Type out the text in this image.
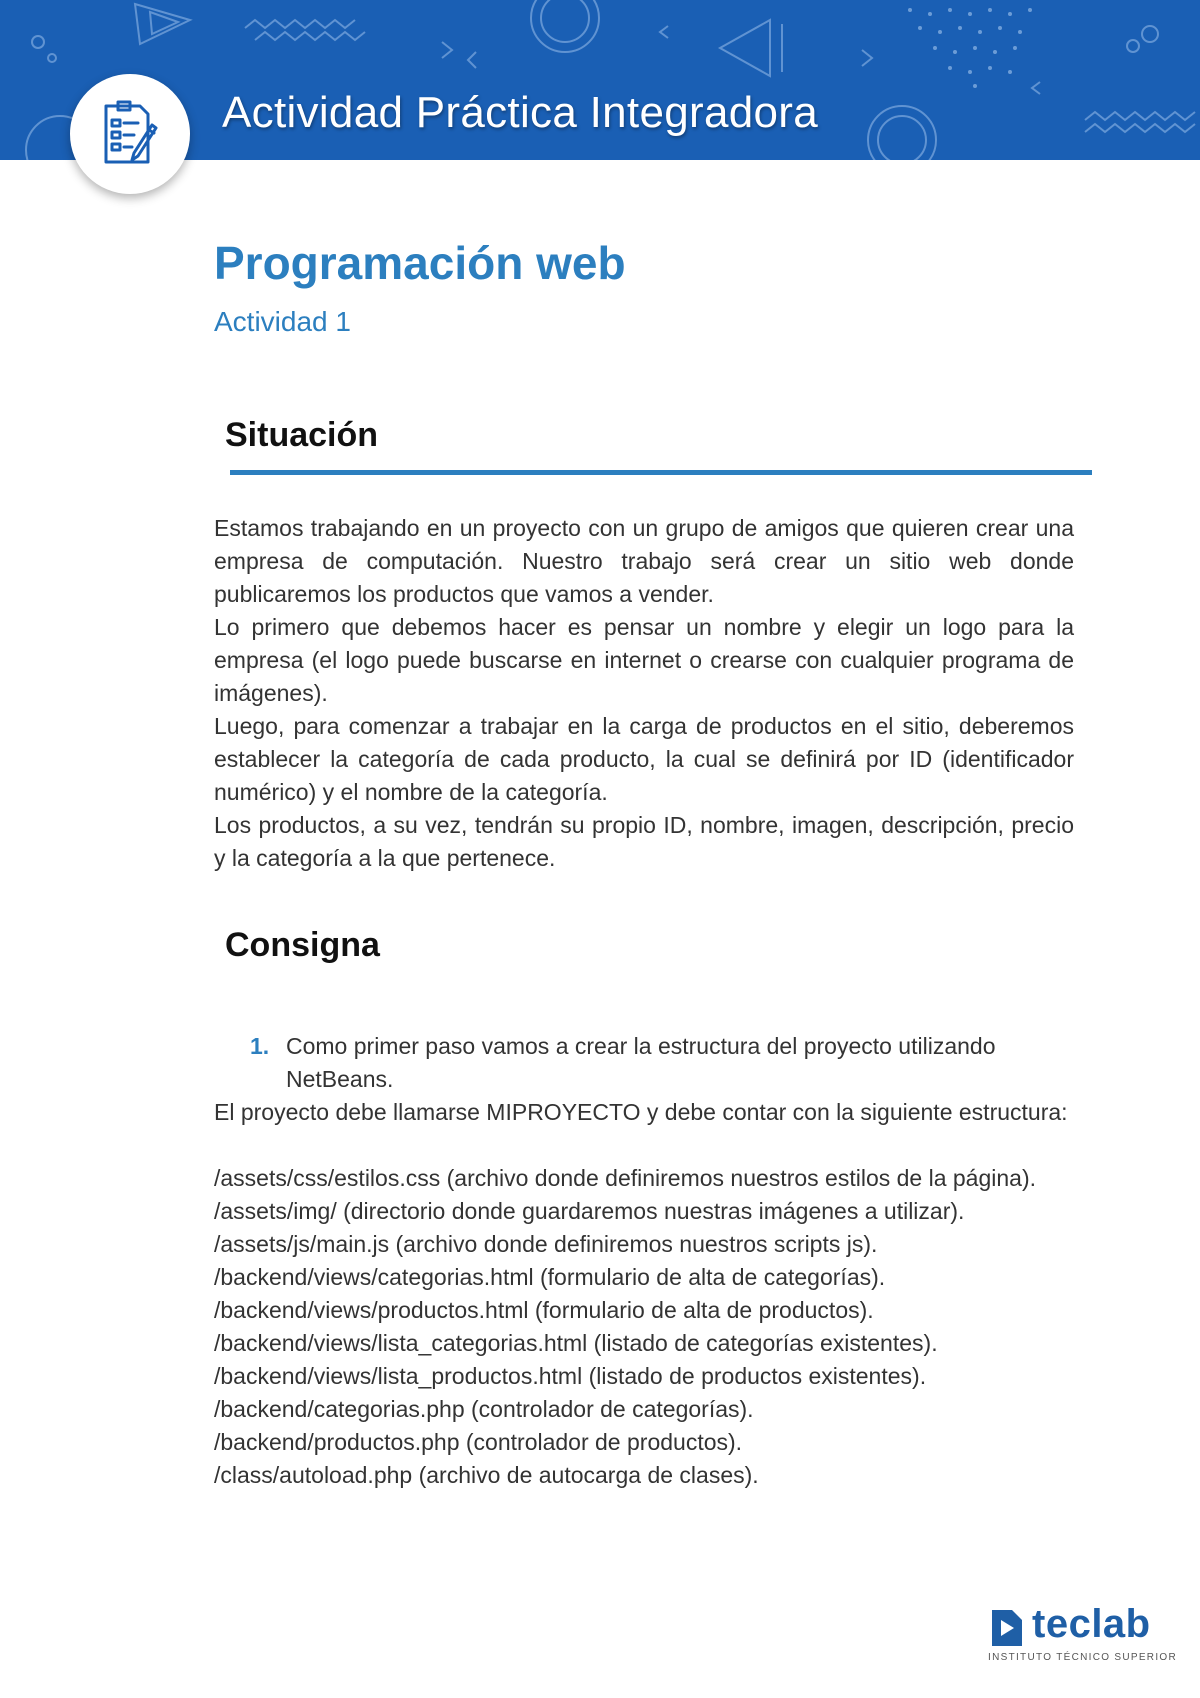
Actividad Práctica Integradora
Programación web

Actividad 1

Situación

Estamos trabajando en un proyecto con un grupo de amigos que quieren crear una empresa de computación. Nuestro trabajo será crear un sitio web donde publicaremos los productos que vamos a vender.

Lo primero que debemos hacer es pensar un nombre y elegir un logo para la empresa (el logo puede buscarse en internet o crearse con cualquier programa de imágenes).

Luego, para comenzar a trabajar en la carga de productos en el sitio, deberemos establecer la categoría de cada producto, la cual se definirá por ID (identificador numérico) y el nombre de la categoría.

Los productos, a su vez, tendrán su propio ID, nombre, imagen, descripción, precio y la categoría a la que pertenece.

Consigna
1. Como primer paso vamos a crear la estructura del proyecto utilizando NetBeans.

El proyecto debe llamarse MIPROYECTO y debe contar con la siguiente estructura:

/assets/css/estilos.css (archivo donde definiremos nuestros estilos de la página).

/assets/img/ (directorio donde guardaremos nuestras imágenes a utilizar).

/assets/js/main.js (archivo donde definiremos nuestros scripts js).

/backend/views/categorias.html (formulario de alta de categorías).

/backend/views/productos.html (formulario de alta de productos).

/backend/views/lista_categorias.html (listado de categorías existentes).

/backend/views/lista_productos.html (listado de productos existentes).

/backend/categorias.php (controlador de categorías).

/backend/productos.php (controlador de productos).

/class/autoload.php (archivo de autocarga de clases).

teclab
INSTITUTO TÉCNICO SUPERIOR
